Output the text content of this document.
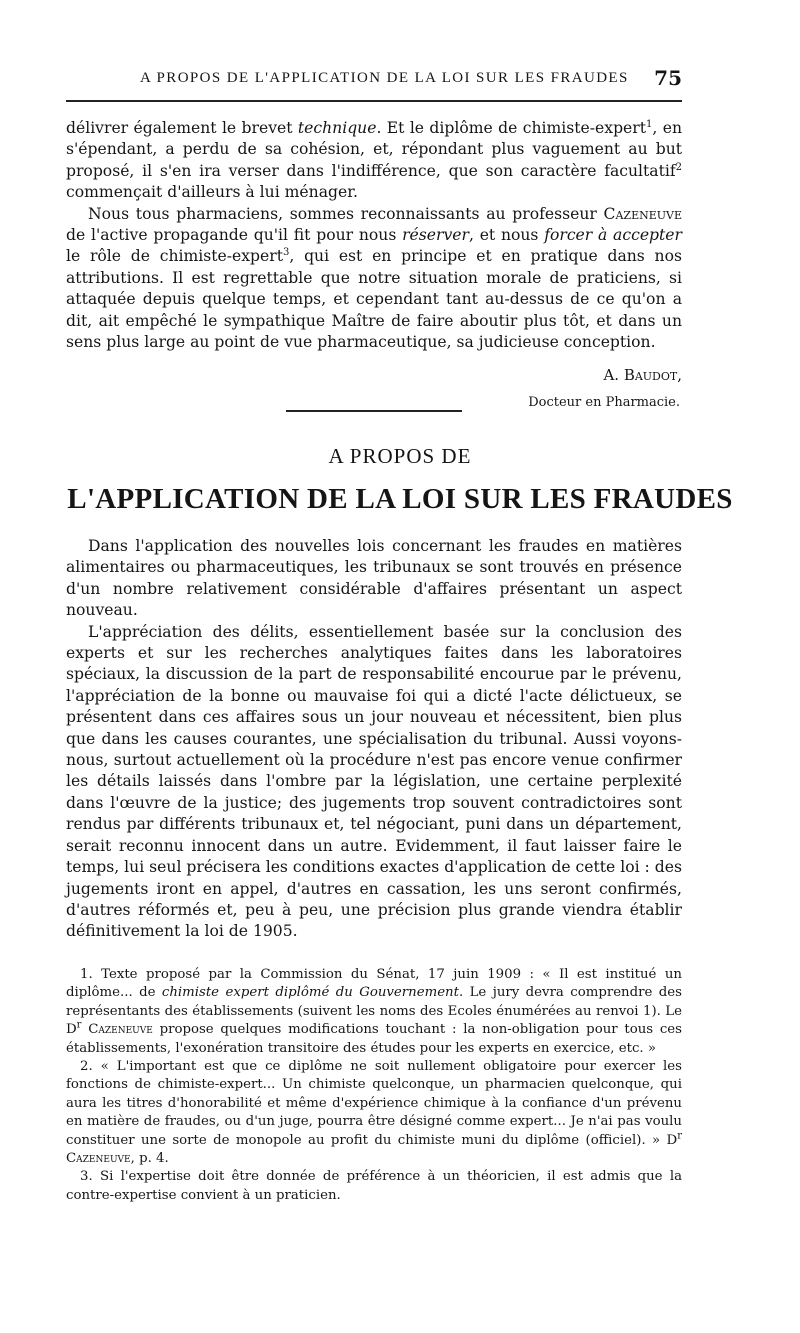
A PROPOS DE L'APPLICATION DE LA LOI SUR LES FRAUDES 75

délivrer également le brevet technique. Et le diplôme de chimiste-expert$^1$, en s'épendant, a perdu de sa cohésion, et, répondant plus vaguement au but proposé, il s'en ira verser dans l'indifférence, que son caractère facultatif$^2$ commençait d'ailleurs à lui ménager.

Nous tous pharmaciens, sommes reconnaissants au professeur Cazeneuve de l'active propagande qu'il fit pour nous réserver, et nous forcer à accepter le rôle de chimiste-expert$^3$, qui est en principe et en pratique dans nos attributions. Il est regrettable que notre situation morale de praticiens, si attaquée depuis quelque temps, et cependant tant au-dessus de ce qu'on a dit, ait empêché le sympathique Maître de faire aboutir plus tôt, et dans un sens plus large au point de vue pharmaceutique, sa judicieuse conception.

A. Baudot,
Docteur en Pharmacie.
A PROPOS DE
L'APPLICATION DE LA LOI SUR LES FRAUDES

Dans l'application des nouvelles lois concernant les fraudes en matières alimentaires ou pharmaceutiques, les tribunaux se sont trouvés en présence d'un nombre relativement considérable d'affaires présentant un aspect nouveau.

L'appréciation des délits, essentiellement basée sur la conclusion des experts et sur les recherches analytiques faites dans les laboratoires spéciaux, la discussion de la part de responsabilité encourue par le prévenu, l'appréciation de la bonne ou mauvaise foi qui a dicté l'acte délictueux, se présentent dans ces affaires sous un jour nouveau et nécessitent, bien plus que dans les causes courantes, une spécialisation du tribunal. Aussi voyons-nous, surtout actuellement où la procédure n'est pas encore venue confirmer les détails laissés dans l'ombre par la législation, une certaine perplexité dans l'œuvre de la justice; des jugements trop souvent contradictoires sont rendus par différents tribunaux et, tel négociant, puni dans un département, serait reconnu innocent dans un autre. Evidemment, il faut laisser faire le temps, lui seul précisera les conditions exactes d'application de cette loi : des jugements iront en appel, d'autres en cassation, les uns seront confirmés, d'autres réformés et, peu à peu, une précision plus grande viendra établir définitivement la loi de 1905.

1. Texte proposé par la Commission du Sénat, 17 juin 1909 : « Il est institué un diplôme... de chimiste expert diplômé du Gouvernement. Le jury devra comprendre des représentants des établissements (suivent les noms des Ecoles énumérées au renvoi 1). Le $D^r$ Cazeneuve propose quelques modifications touchant : la non-obligation pour tous ces établissements, l'exonération transitoire des études pour les experts en exercice, etc. »

2. « L'important est que ce diplôme ne soit nullement obligatoire pour exercer les fonctions de chimiste-expert... Un chimiste quelconque, un pharmacien quelconque, qui aura les titres d'honorabilité et même d'expérience chimique à la confiance d'un prévenu en matière de fraudes, ou d'un juge, pourra être désigné comme expert... Je n'ai pas voulu constituer une sorte de monopole au profit du chimiste muni du diplôme (officiel). » $D^r$ Cazeneuve, p. 4.

3. Si l'expertise doit être donnée de préférence à un théoricien, il est admis que la contre-expertise convient à un praticien.
